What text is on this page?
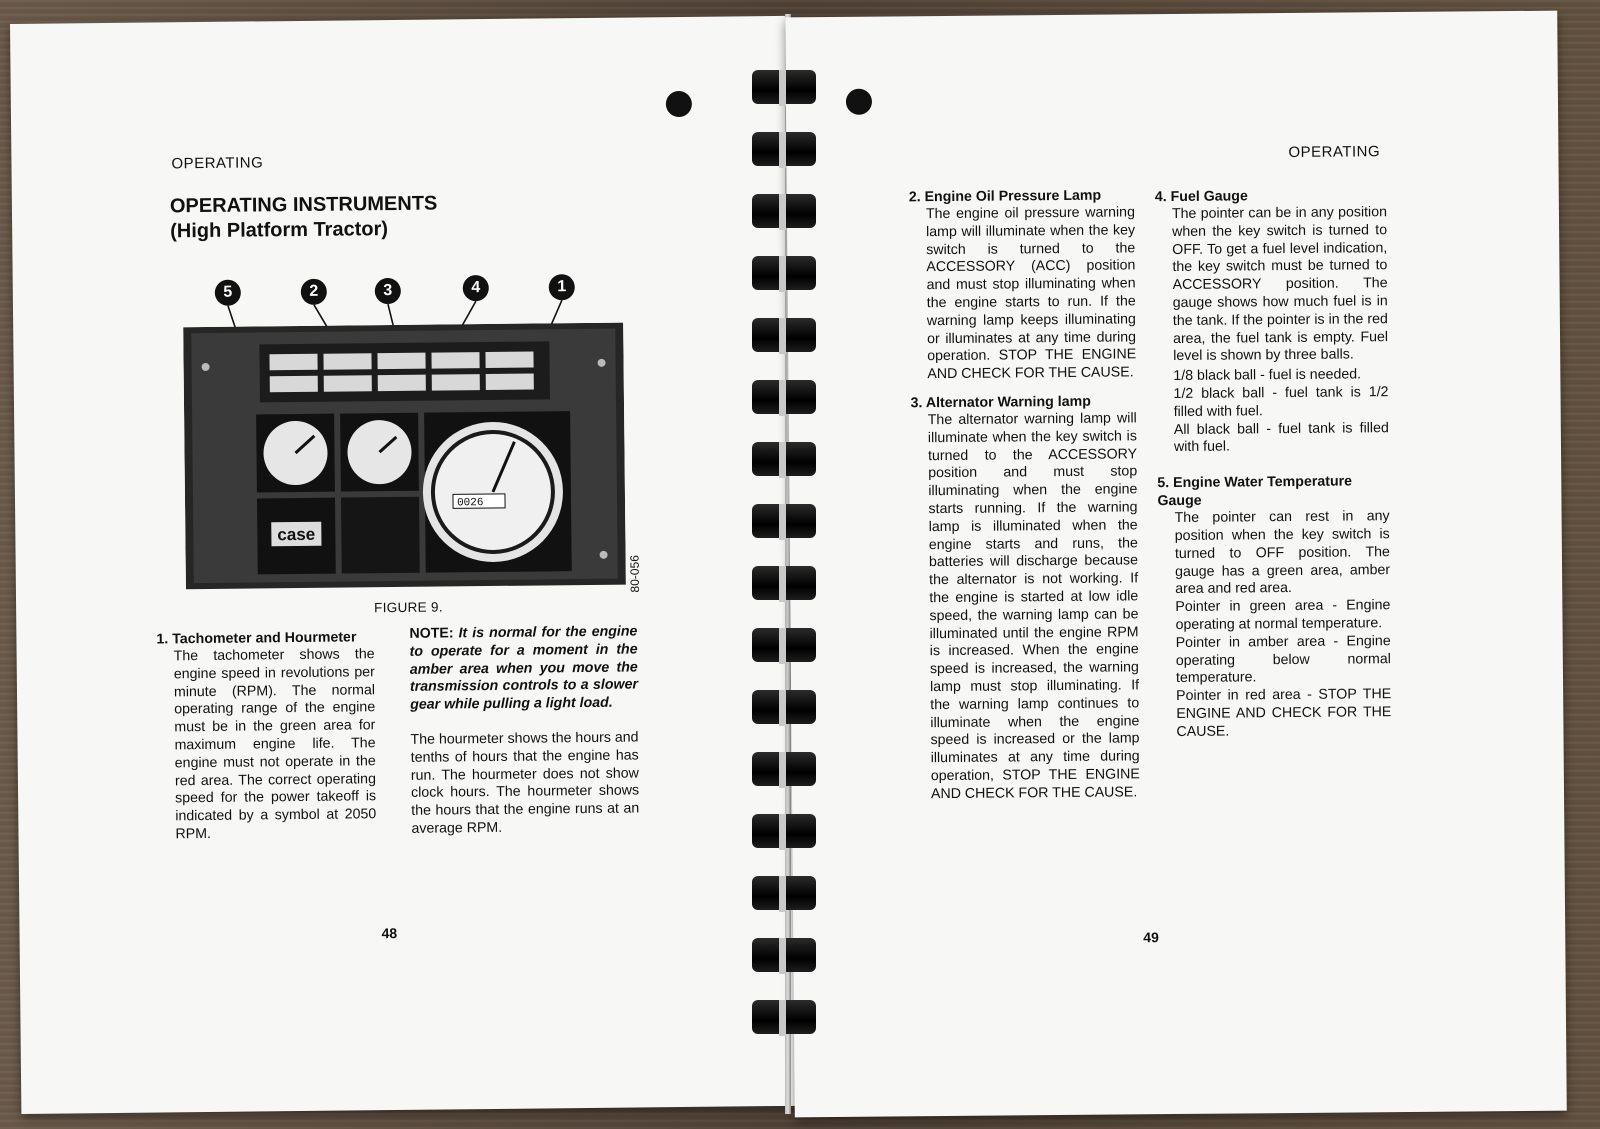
OPERATING
OPERATING INSTRUMENTS
(High Platform Tractor)
5	2	3	4	1
0026
case
80-056
FIGURE 9.
1. Tachometer and Hourmeter
The tachometer shows the engine speed in revolutions per minute (RPM). The normal operating range of the engine must be in the green area for maximum engine life. The engine must not operate in the red area. The correct operating speed for the power takeoff is indicated by a symbol at 2050 RPM.
NOTE: It is normal for the engine to operate for a moment in the amber area when you move the transmission controls to a slower gear while pulling a light load.
The hourmeter shows the hours and tenths of hours that the engine has run. The hourmeter does not show clock hours. The hourmeter shows the hours that the engine runs at an average RPM.
48
OPERATING
2. Engine Oil Pressure Lamp
The engine oil pressure warning lamp will illuminate when the key switch is turned to the ACCESSORY (ACC) position and must stop illuminating when the engine starts to run. If the warning lamp keeps illuminating or illuminates at any time during operation. STOP THE ENGINE AND CHECK FOR THE CAUSE.
3. Alternator Warning lamp
The alternator warning lamp will illuminate when the key switch is turned to the ACCESSORY position and must stop illuminating when the engine starts running. If the warning lamp is illuminated when the engine starts and runs, the batteries will discharge because the alternator is not working. If the engine is started at low idle speed, the warning lamp can be illuminated until the engine RPM is increased. When the engine speed is increased, the warning lamp must stop illuminating. If the warning lamp continues to illuminate when the engine speed is increased or the lamp illuminates at any time during operation, STOP THE ENGINE AND CHECK FOR THE CAUSE.
4. Fuel Gauge
The pointer can be in any position when the key switch is turned to OFF. To get a fuel level indication, the key switch must be turned to ACCESSORY position. The gauge shows how much fuel is in the tank. If the pointer is in the red area, the fuel tank is empty. Fuel level is shown by three balls.
1/8 black ball - fuel is needed.
1/2 black ball - fuel tank is 1/2 filled with fuel.
All black ball - fuel tank is filled with fuel.
5. Engine Water Temperature Gauge
The pointer can rest in any position when the key switch is turned to OFF position. The gauge has a green area, amber area and red area.
Pointer in green area - Engine operating at normal temperature.
Pointer in amber area - Engine operating below normal temperature.
Pointer in red area - STOP THE ENGINE AND CHECK FOR THE CAUSE.
49
